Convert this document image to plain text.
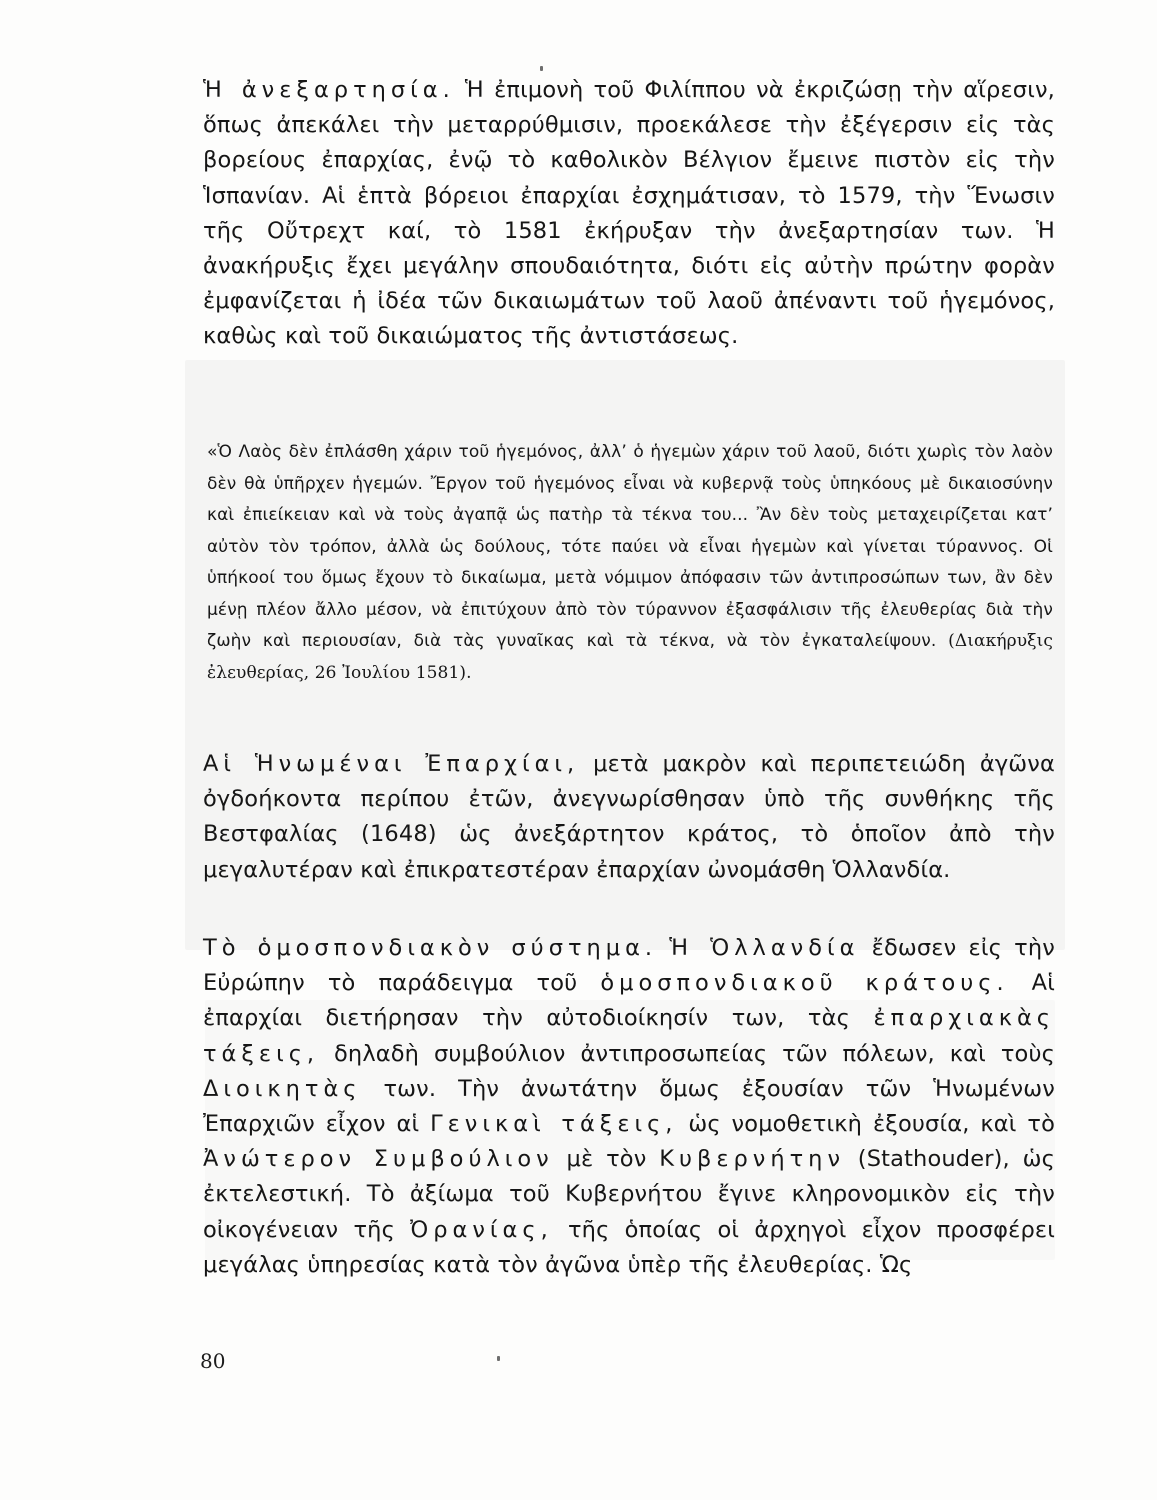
Ἡ ἀνεξαρτησία. Ἡ ἐπιμονὴ τοῦ Φιλίππου νὰ ἐκριζώσῃ τὴν αἵρεσιν, ὅπως ἀπεκάλει τὴν μεταρρύθμισιν, προεκάλεσε τὴν ἐξέγερσιν εἰς τὰς βορείους ἐπαρχίας, ἐνῷ τὸ καθολικὸν Βέλγιον ἔμεινε πιστὸν εἰς τὴν Ἱσπανίαν. Αἱ ἑπτὰ βόρειοι ἐπαρχίαι ἐσχημάτισαν, τὸ 1579, τὴν Ἕνωσιν τῆς Οὔτρεχτ καί, τὸ 1581 ἐκήρυξαν τὴν ἀνεξαρτησίαν των. Ἡ ἀνακήρυξις ἔχει μεγάλην σπουδαιότητα, διότι εἰς αὐτὴν πρώτην φορὰν ἐμφανίζεται ἡ ἰδέα τῶν δικαιωμάτων τοῦ λαοῦ ἀπέναντι τοῦ ἡγεμόνος, καθὼς καὶ τοῦ δικαιώματος τῆς ἀντιστάσεως.

«Ὁ Λαὸς δὲν ἐπλάσθη χάριν τοῦ ἡγεμόνος, ἀλλ’ ὁ ἡγεμὼν χάριν τοῦ λαοῦ, διότι χωρὶς τὸν λαὸν δὲν θὰ ὑπῆρχεν ἡγεμών. Ἔργον τοῦ ἡγεμόνος εἶναι νὰ κυβερνᾷ τοὺς ὑπηκόους μὲ δικαιοσύνην καὶ ἐπιείκειαν καὶ νὰ τοὺς ἀγαπᾷ ὡς πατὴρ τὰ τέκνα του... Ἂν δὲν τοὺς μεταχειρίζεται κατ’ αὐτὸν τὸν τρόπον, ἀλλὰ ὡς δούλους, τότε παύει νὰ εἶναι ἡγεμὼν καὶ γίνεται τύραννος. Οἱ ὑπήκοοί του ὅμως ἔχουν τὸ δικαίωμα, μετὰ νόμιμον ἀπόφασιν τῶν ἀντιπροσώπων των, ἂν δὲν μένῃ πλέον ἄλλο μέσον, νὰ ἐπιτύχουν ἀπὸ τὸν τύραννον ἐξασφάλισιν τῆς ἐλευθερίας διὰ τὴν ζωὴν καὶ περιουσίαν, διὰ τὰς γυναῖκας καὶ τὰ τέκνα, νὰ τὸν ἐγκαταλείψουν. (Διακήρυξις ἐλευθερίας, 26 Ἰουλίου 1581).

Αἱ Ἡνωμέναι Ἐπαρχίαι, μετὰ μακρὸν καὶ περιπετειώδη ἀγῶνα ὀγδοήκοντα περίπου ἐτῶν, ἀνεγνωρίσθησαν ὑπὸ τῆς συνθήκης τῆς Βεστφαλίας (1648) ὡς ἀνεξάρτητον κράτος, τὸ ὁποῖον ἀπὸ τὴν μεγαλυτέραν καὶ ἐπικρατεστέραν ἐπαρχίαν ὠνομάσθη Ὁλλανδία.

Τὸ ὁμοσπονδιακὸν σύστημα. Ἡ Ὁλλανδία ἔδωσεν εἰς τὴν Εὐρώπην τὸ παράδειγμα τοῦ ὁμοσπονδιακοῦ κράτους. Αἱ ἐπαρχίαι διετήρησαν τὴν αὐτοδιοίκησίν των, τὰς ἐπαρχιακὰς τάξεις, δηλαδὴ συμβούλιον ἀντιπροσωπείας τῶν πόλεων, καὶ τοὺς Διοικητὰς των. Τὴν ἀνωτάτην ὅμως ἐξουσίαν τῶν Ἡνωμένων Ἐπαρχιῶν εἶχον αἱ Γενικαὶ τάξεις, ὡς νομοθετικὴ ἐξουσία, καὶ τὸ Ἀνώτερον Συμβούλιον μὲ τὸν Κυβερνήτην (Stathouder), ὡς ἐκτελεστική. Τὸ ἀξίωμα τοῦ Κυβερνήτου ἔγινε κληρονομικὸν εἰς τὴν οἰκογένειαν τῆς Ὀρανίας, τῆς ὁποίας οἱ ἀρχηγοὶ εἶχον προσφέρει μεγάλας ὑπηρεσίας κατὰ τὸν ἀγῶνα ὑπὲρ τῆς ἐλευθερίας. Ὡς

80
